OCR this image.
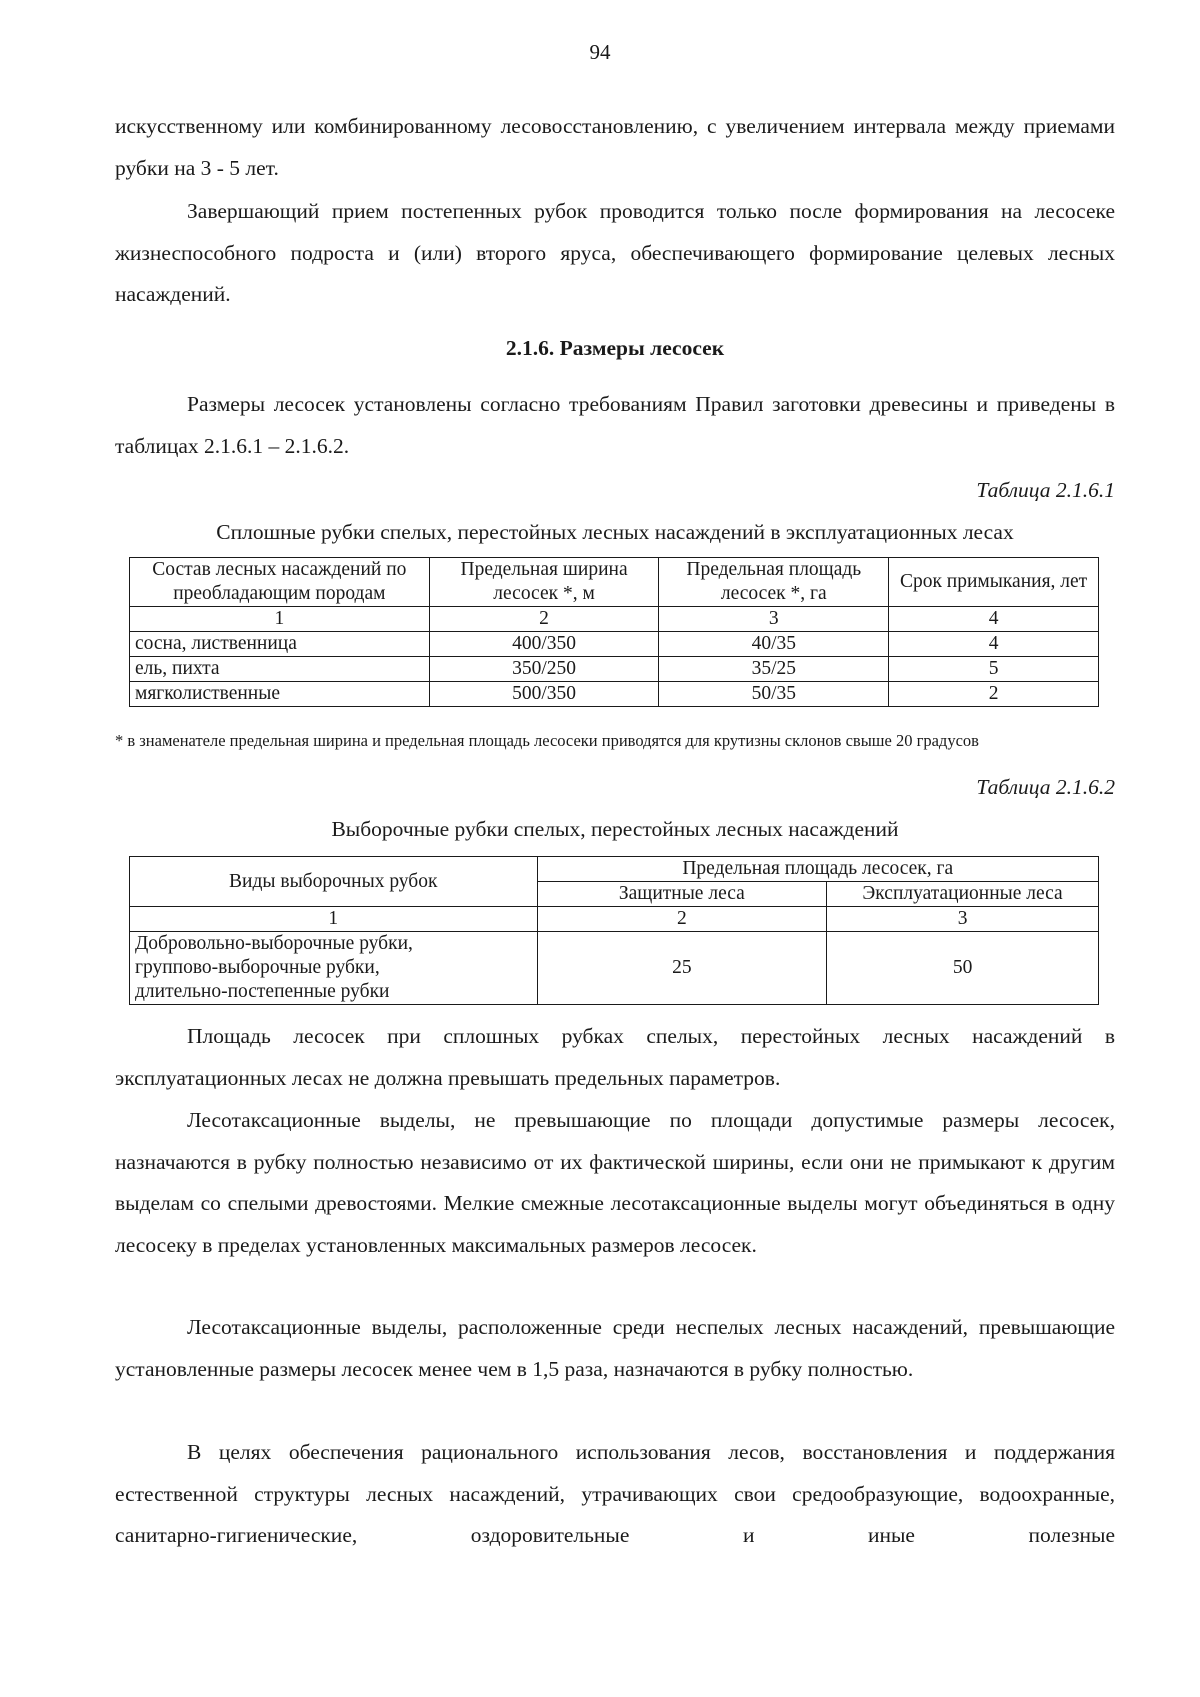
94

искусственному или комбинированному лесовосстановлению, с увеличением интервала между приемами рубки на 3 - 5 лет.

Завершающий прием постепенных рубок проводится только после формирования на лесосеке жизнеспособного подроста и (или) второго яруса, обеспечивающего формирование целевых лесных насаждений.

2.1.6. Размеры лесосек

Размеры лесосек установлены согласно требованиям Правил заготовки древесины и приведены в таблицах 2.1.6.1 – 2.1.6.2.

Таблица 2.1.6.1
Сплошные рубки спелых, перестойных лесных насаждений в эксплуатационных лесах
Состав лесных насаждений по преобладающим породам	Предельная ширина лесосек *, м	Предельная площадь лесосек *, га	Срок примыкания, лет
1	2	3	4
сосна, лиственница	400/350	40/35	4
ель, пихта	350/250	35/25	5
мягколиственные	500/350	50/35	2
* в знаменателе предельная ширина и предельная площадь лесосеки приводятся для крутизны склонов свыше 20 градусов
Таблица 2.1.6.2
Выборочные рубки спелых, перестойных лесных насаждений
Виды выборочных рубок	Предельная площадь лесосек, га	
	Защитные леса	Эксплуатационные леса
1	2	3

Добровольно-выборочные рубки,
группово-выборочные рубки,
длительно-постепенные рубки	25	50

Площадь лесосек при сплошных рубках спелых, перестойных лесных насаждений в эксплуатационных лесах не должна превышать предельных параметров.

Лесотаксационные выделы, не превышающие по площади допустимые размеры лесосек, назначаются в рубку полностью независимо от их фактической ширины, если они не примыкают к другим выделам со спелыми древостоями. Мелкие смежные лесотаксационные выделы могут объединяться в одну лесосеку в пределах установленных максимальных размеров лесосек.

Лесотаксационные выделы, расположенные среди неспелых лесных насаждений, превышающие установленные размеры лесосек менее чем в 1,5 раза, назначаются в рубку полностью.

В целях обеспечения рационального использования лесов, восстановления и поддержания естественной структуры лесных насаждений, утрачивающих свои средообразующие, водоохранные, санитарно-гигиенические, оздоровительные и иные полезные
